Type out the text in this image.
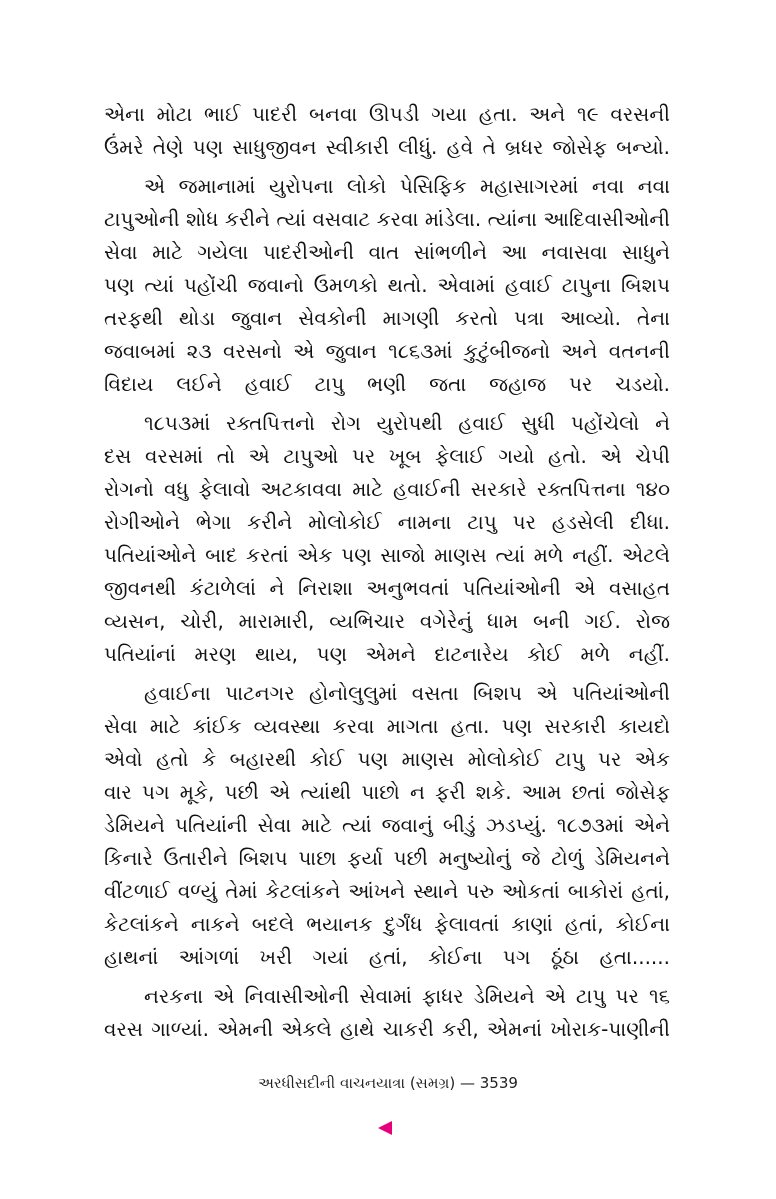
એના મોટા ભાઈ પાદરી બનવા ઊપડી ગયા હતા. અને ૧૯ વરસની
ઉંમરે તેણે પણ સાધુજીવન સ્વીકારી લીધું. હવે તે બ્રધર જોસેફ બન્યો.
એ જમાનામાં યુરોપના લોકો પેસિફિક મહાસાગરમાં નવા નવા
ટાપુઓની શોધ કરીને ત્યાં વસવાટ કરવા માંડેલા. ત્યાંના આદિવાસીઓની
સેવા માટે ગયેલા પાદરીઓની વાત સાંભળીને આ નવાસવા સાધુને
પણ ત્યાં પહોંચી જવાનો ઉમળકો થતો. એવામાં હવાઈ ટાપુના બિશપ
તરફથી થોડા જુવાન સેવકોની માગણી કરતો પત્રા આવ્યો. તેના
જવાબમાં ૨૩ વરસનો એ જુવાન ૧૮૬૩માં કુટુંબીજનો અને વતનની
વિદાય લઈને હવાઈ ટાપુ ભણી જતા જહાજ પર ચડયો.
૧૮૫૩માં રક્તપિત્તનો રોગ યુરોપથી હવાઈ સુધી પહોંચેલો ને
દસ વરસમાં તો એ ટાપુઓ પર ખૂબ ફેલાઈ ગયો હતો. એ ચેપી
રોગનો વધુ ફેલાવો અટકાવવા માટે હવાઈની સરકારે રક્તપિત્તના ૧૪૦
રોગીઓને ભેગા કરીને મોલોકોઈ નામના ટાપુ પર હડસેલી દીધા.
પતિયાંઓને બાદ કરતાં એક પણ સાજો માણસ ત્યાં મળે નહીં. એટલે
જીવનથી કંટાળેલાં ને નિરાશા અનુભવતાં પતિયાંઓની એ વસાહત
વ્યસન, ચોરી, મારામારી, વ્યભિચાર વગેરેનું ધામ બની ગઈ. રોજ
પતિયાંનાં મરણ થાય, પણ એમને દાટનારેય કોઈ મળે નહીં.
હવાઈના પાટનગર હોનોલુલુમાં વસતા બિશપ એ પતિયાંઓની
સેવા માટે કાંઈક વ્યવસ્થા કરવા માગતા હતા. પણ સરકારી કાયદો
એવો હતો કે બહારથી કોઈ પણ માણસ મોલોકોઈ ટાપુ પર એક
વાર પગ મૂકે, પછી એ ત્યાંથી પાછો ન ફરી શકે. આમ છતાં જોસેફ
ડેમિયને પતિયાંની સેવા માટે ત્યાં જવાનું બીડું ઝડપ્યું. ૧૮૭૩માં એને
કિનારે ઉતારીને બિશપ પાછા ફર્યા પછી મનુષ્યોનું જે ટોળું ડેમિયનને
વીંટળાઈ વળ્યું તેમાં કેટલાંકને આંખને સ્થાને પરુ ઓકતાં બાકોરાં હતાં,
કેટલાંકને નાકને બદલે ભયાનક દુર્ગંધ ફેલાવતાં કાણાં હતાં, કોઈના
હાથનાં આંગળાં ખરી ગયાં હતાં, કોઈના પગ ઠૂંઠા હતા......
નરકના એ નિવાસીઓની સેવામાં ફાધર ડેમિયને એ ટાપુ પર ૧૬
વરસ ગાળ્યાં. એમની એકલે હાથે ચાકરી કરી, એમનાં ખોરાક-પાણીની
અરધીસદીની વાચનયાત્રા (સમગ્ર) — 3539
